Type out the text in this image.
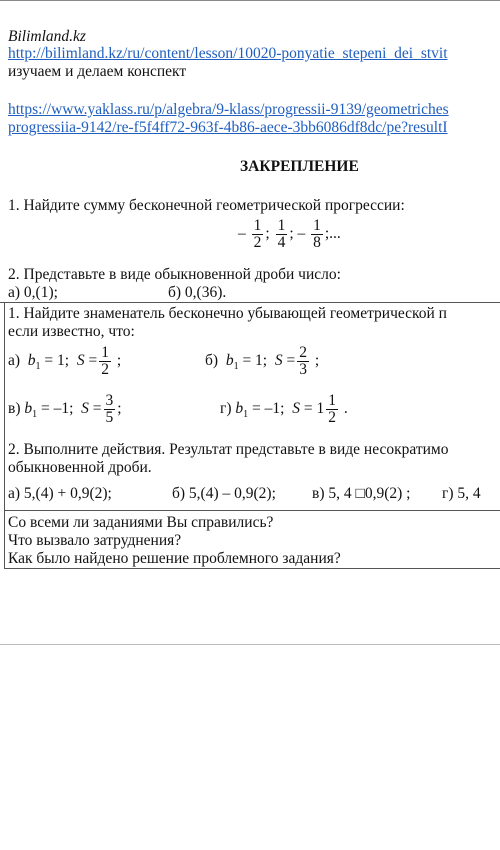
Bilimland.kz
http://bilimland.kz/ru/content/lesson/10020-ponyatie_stepeni_dei_stvit
изучаем и делаем конспект
https://www.yaklass.ru/p/algebra/9-klass/progressii-9139/geometriches
progressiia-9142/re-f5f4ff72-963f-4b86-aece-3bb6086df8dc/pe?resultI
ЗАКРЕПЛЕНИЕ
1. Найдите сумму бесконечной геометрической прогрессии:
– $\frac{1}{2}$ ; $\frac{1}{4}$ ; – $\frac{1}{8}$ ;...
2. Представьте в виде обыкновенной дроби число:
а) 0,(1);	б) 0,(36).
1. Найдите знаменатель бесконечно убывающей геометрической п
если известно, что:
а) $b_1 = 1$; $S = \frac{1}{2}$ ;	б) $b_1 = 1$; $S = \frac{2}{3}$ ;
в) $b_1 = -1$; $S = \frac{3}{5}$ ;	г) $b_1 = -1$; $S = 1 \frac{1}{2}$ .
2. Выполните действия. Результат представьте в виде несократимо
обыкновенной дроби.
а) 5,(4) + 0,9(2);	б) 5,(4) – 0,9(2); в) 5, 4 □0,9(2) ; г) 5, 4
Со всеми ли заданиями Вы справились?
Что вызвало затруднения?
Как было найдено решение проблемного задания?
